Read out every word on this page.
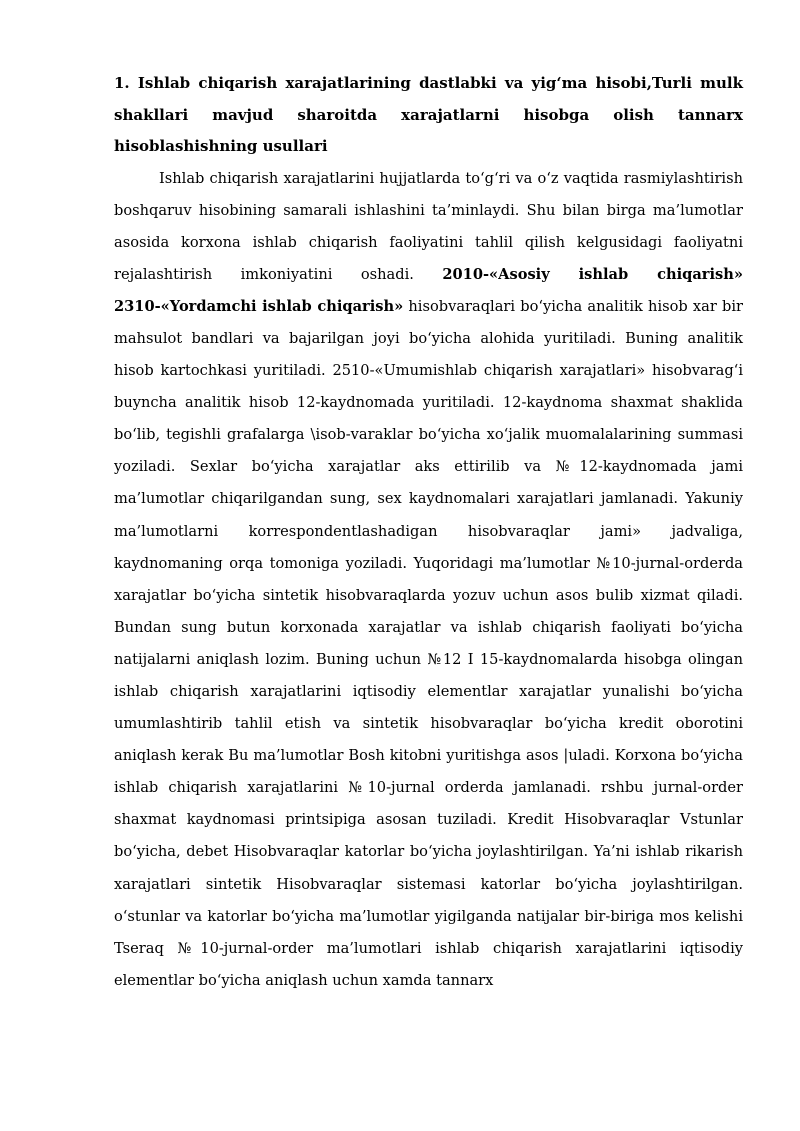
1. Ishlab chiqarish xarajatlarining dastlabki va yig‘ma hisobi,Turli mulk shakllari mavjud sharoitda xarajatlarni hisobga olish tannarx hisoblashishning usullari

Ishlab chiqarish xarajatlarini hujjatlarda to‘g‘ri va o‘z vaqtida rasmiylashtirish boshqaruv hisobining samarali ishlashini ta’minlaydi. Shu bilan birga ma’lumotlar asosida korxona ishlab chiqarish faoliyatini tahlil qilish kelgusidagi faoliyatni rejalashtirish imkoniyatini oshadi. 2010-«Asosiy ishlab chiqarish» 2310-«Yordamchi ishlab chiqarish» hisobvaraqlari bo‘yicha analitik hisob xar bir mahsulot bandlari va bajarilgan joyi bo‘yicha alohida yuritiladi. Buning analitik hisob kartochkasi yuritiladi. 2510-«Umumishlab chiqarish xarajatlari» hisobvarag‘i buyncha analitik hisob 12-kaydnomada yuritiladi. 12-kaydnoma shaxmat shaklida bo‘lib, tegishli grafalarga \isob-varaklar bo‘yicha xo‘jalik muomalalarining summasi yoziladi. Sexlar bo‘yicha xarajatlar aks ettirilib va №12-kaydnomada jami ma’lumotlar chiqarilgandan sung, sex kaydnomalari xarajatlari jamlanadi. Yakuniy ma’lumotlarni korrespondentlashadigan hisobvaraqlar jami» jadvaliga, kaydnomaning orqa tomoniga yoziladi. Yuqoridagi ma’lumotlar №10-jurnal-orderda xarajatlar bo‘yicha sintetik hisobvaraqlarda yozuv uchun asos bulib xizmat qiladi. Bundan sung butun korxonada xarajatlar va ishlab chiqarish faoliyati bo‘yicha natijalarni aniqlash lozim. Buning uchun №12 I 15-kaydnomalarda hisobga olingan ishlab chiqarish xarajatlarini iqtisodiy elementlar xarajatlar yunalishi bo‘yicha umumlashtirib tahlil etish va sintetik hisobvaraqlar bo‘yicha kredit oborotini aniqlash kerak Bu ma’lumotlar Bosh kitobni yuritishga asos |uladi. Korxona bo‘yicha ishlab chiqarish xarajatlarini №10-jurnal orderda jamlanadi. rshbu jurnal-order shaxmat kaydnomasi printsipiga asosan tuziladi. Kredit Hisobvaraqlar Vstunlar bo‘yicha, debet Hisobvaraqlar katorlar bo‘yicha joylashtirilgan. Ya’ni ishlab rikarish xarajatlari sintetik Hisobvaraqlar sistemasi katorlar bo‘yicha joylashtirilgan. o‘stunlar va katorlar bo‘yicha ma’lumotlar yigilganda natijalar bir-biriga mos kelishi Tseraq №10-jurnal-order ma’lumotlari ishlab chiqarish xarajatlarini iqtisodiy elementlar bo‘yicha aniqlash uchun xamda tannarx
